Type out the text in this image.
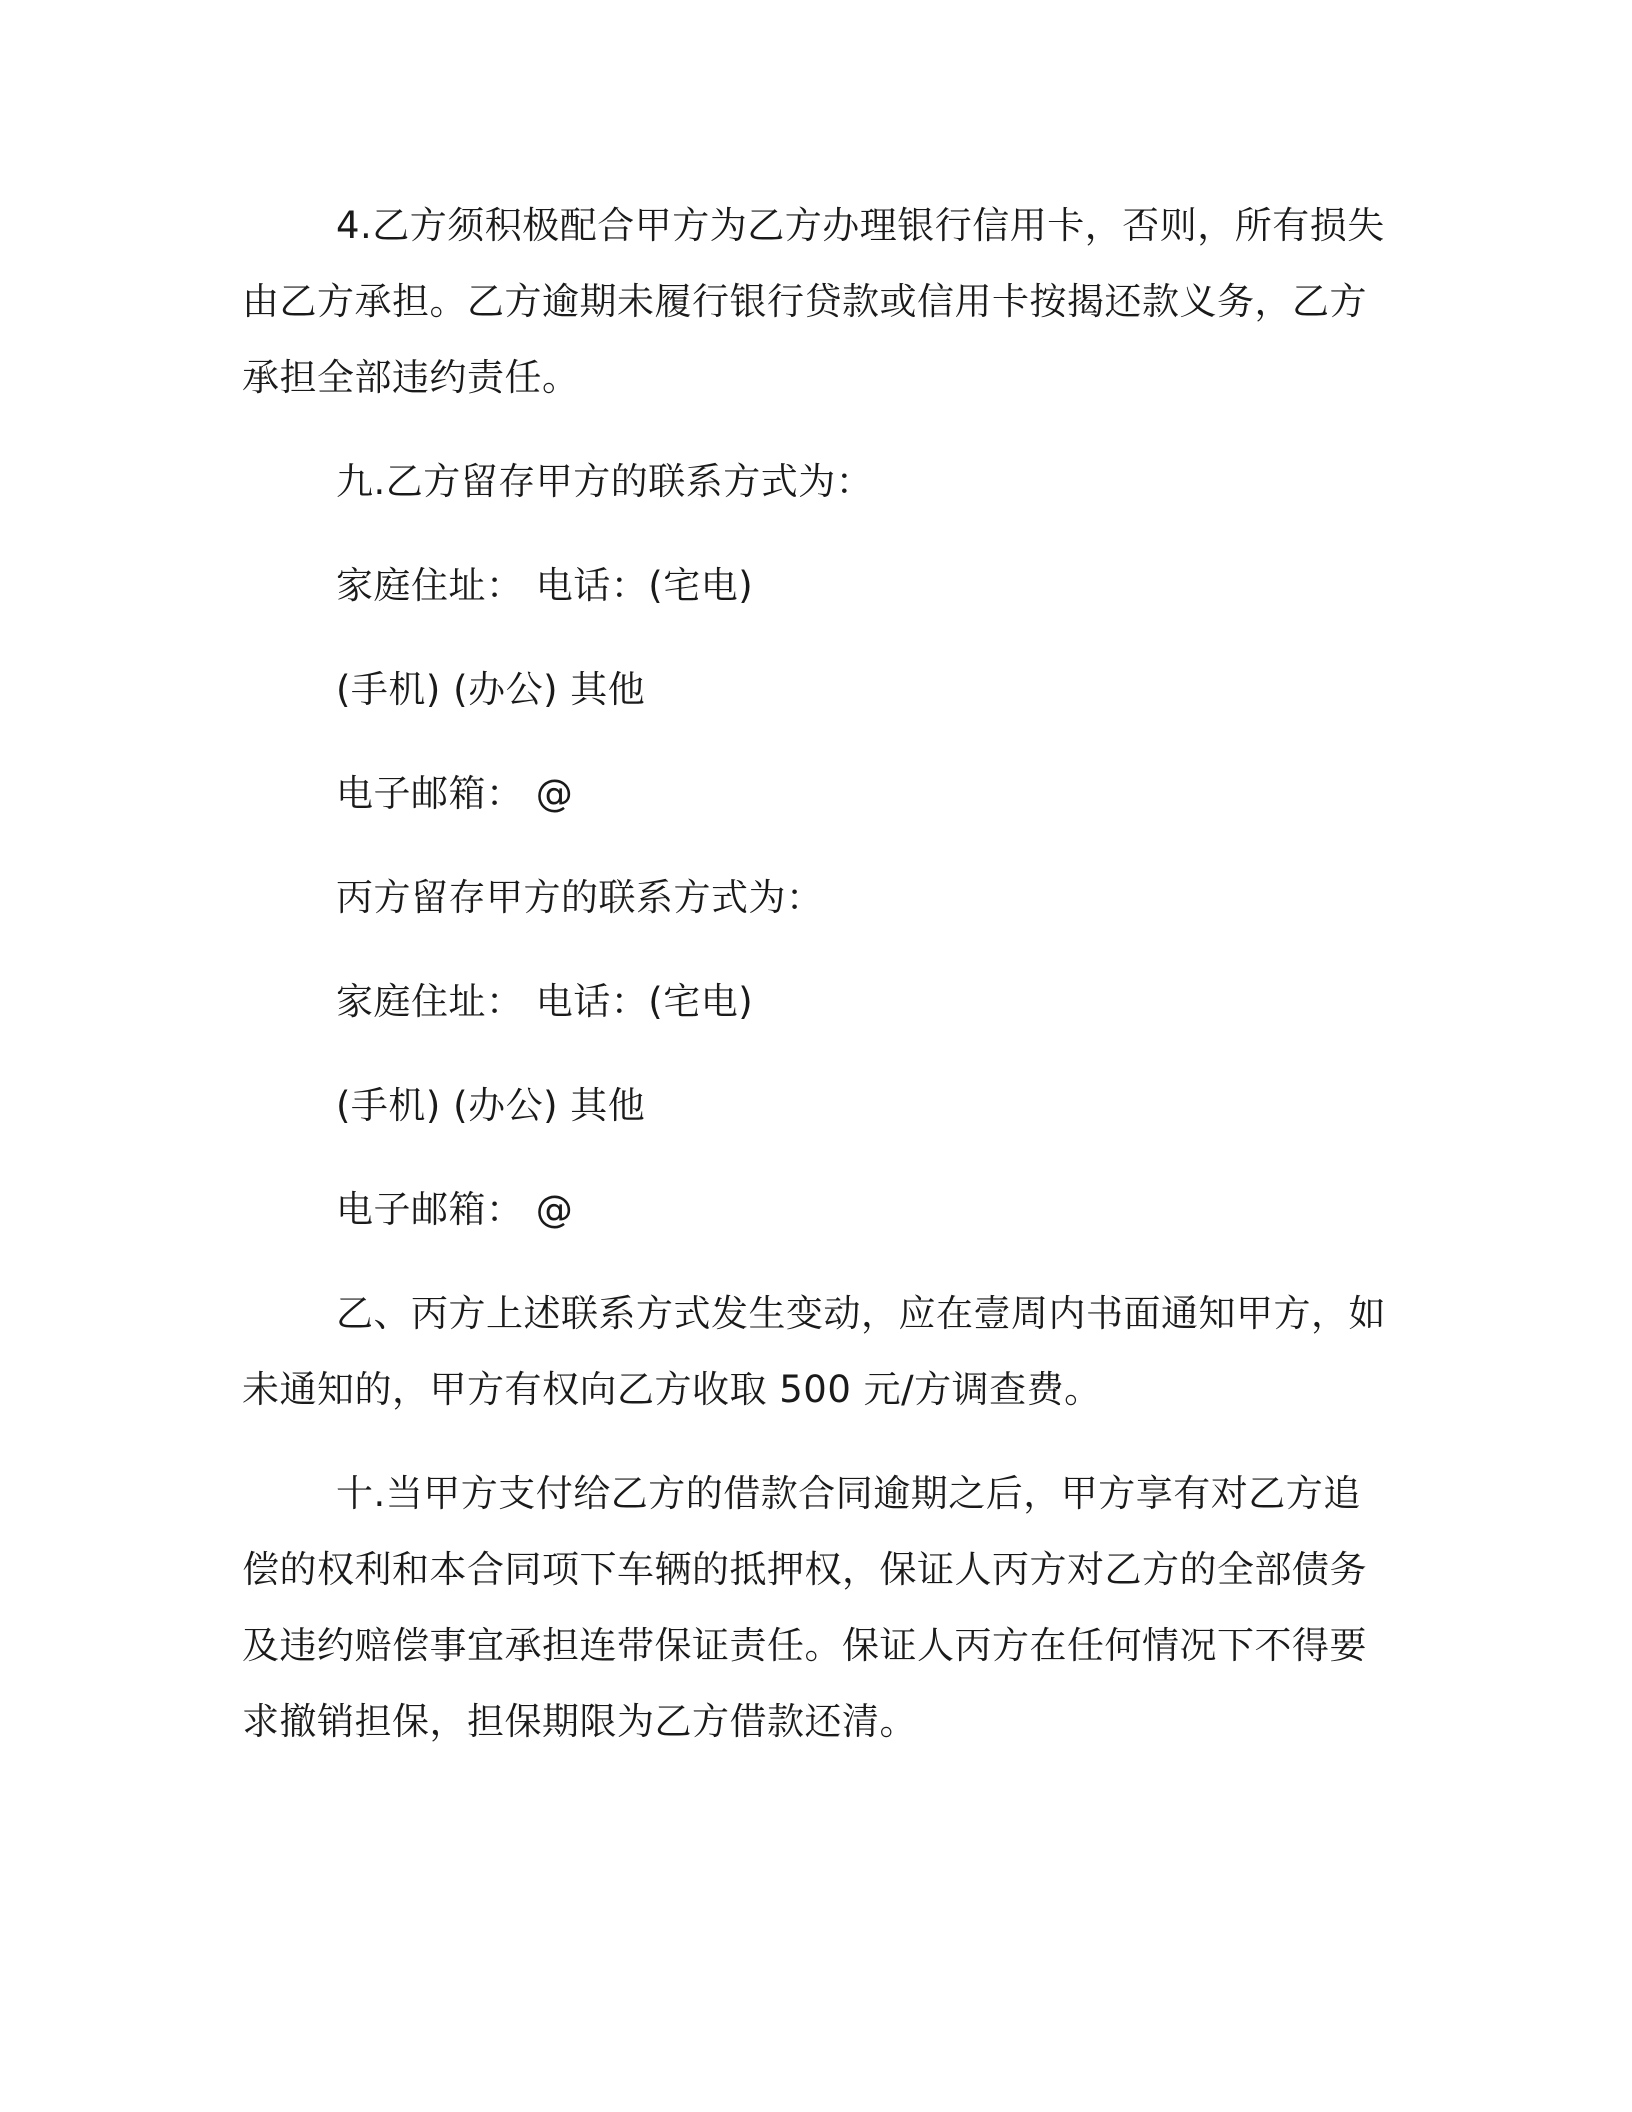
4.乙方须积极配合甲方为乙方办理银行信用卡，否则，所有损失
由乙方承担。乙方逾期未履行银行贷款或信用卡按揭还款义务，乙方
承担全部违约责任。
九.乙方留存甲方的联系方式为：
家庭住址： 电话：(宅电)
(手机) (办公) 其他
电子邮箱： @
丙方留存甲方的联系方式为：
家庭住址： 电话：(宅电)
(手机) (办公) 其他
电子邮箱： @
乙、丙方上述联系方式发生变动，应在壹周内书面通知甲方，如
未通知的，甲方有权向乙方收取 500 元/方调查费。
十.当甲方支付给乙方的借款合同逾期之后，甲方享有对乙方追
偿的权利和本合同项下车辆的抵押权，保证人丙方对乙方的全部债务
及违约赔偿事宜承担连带保证责任。保证人丙方在任何情况下不得要
求撤销担保，担保期限为乙方借款还清。
